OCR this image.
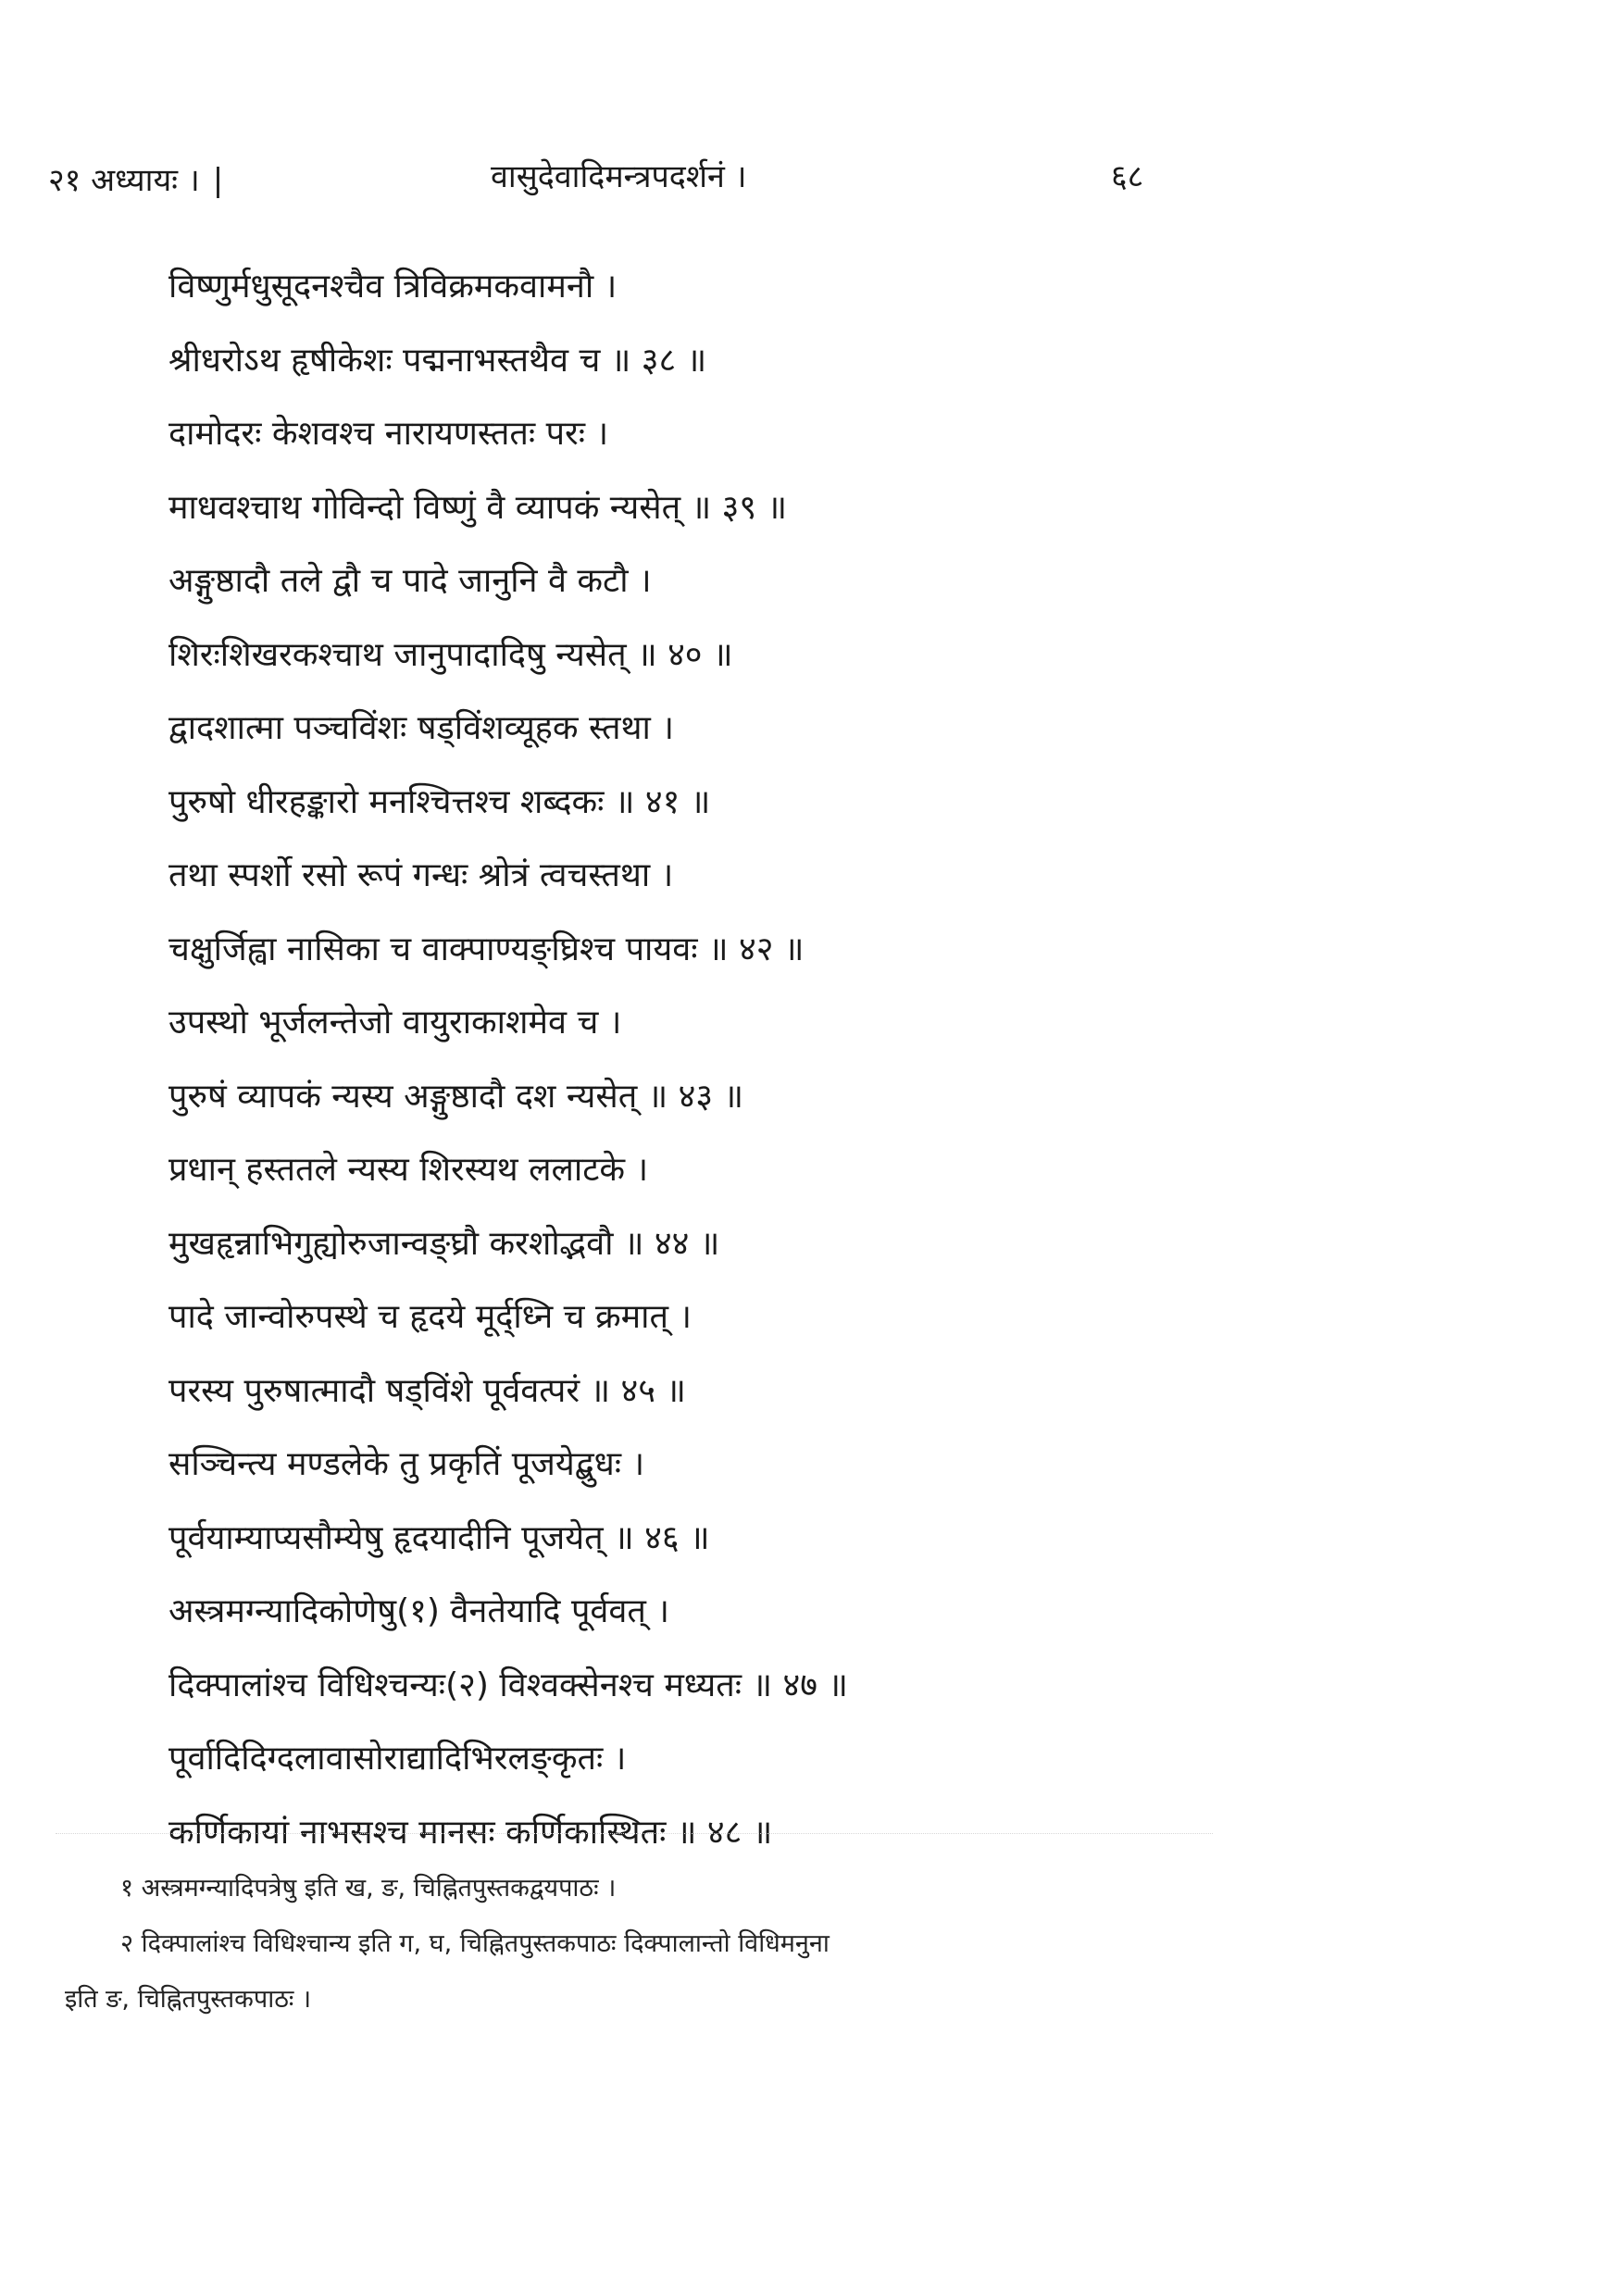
२१ अध्यायः । |	वासुदेवादिमन्त्रपदर्शनं ।	६८
विष्णुर्मधुसूदनश्चैव त्रिविक्रमकवामनौ ।
श्रीधरोऽथ हृषीकेशः पद्मनाभस्तथैव च ॥ ३८ ॥
दामोदरः केशवश्च नारायणस्ततः परः ।
माधवश्चाथ गोविन्दो विष्णुं वै व्यापकं न्यसेत् ॥ ३९ ॥
अङ्गुष्ठादौ तले द्वौ च पादे जानुनि वै कटौ ।
शिरःशिखरकश्चाथ जानुपादादिषु न्यसेत् ॥ ४० ॥
द्वादशात्मा पञ्चविंशः षड्विंशव्यूहक स्तथा ।
पुरुषो धीरहङ्कारो मनश्चित्तश्च शब्दकः ॥ ४१ ॥
तथा स्पर्शो रसो रूपं गन्धः श्रोत्रं त्वचस्तथा ।
चक्षुर्जिह्वा नासिका च वाक्पाण्यङ्घ्रिश्च पायवः ॥ ४२ ॥
उपस्थो भूर्जलन्तेजो वायुराकाशमेव च ।
पुरुषं व्यापकं न्यस्य अङ्गुष्ठादौ दश न्यसेत् ॥ ४३ ॥
प्रधान् हस्ततले न्यस्य शिरस्यथ ललाटके ।
मुखहृन्नाभिगुह्योरुजान्वङ्घ्रौ करशोद्भवौ ॥ ४४ ॥
पादे जान्वोरुपस्थे च हृदये मूर्द्ध्नि च क्रमात् ।
परस्य पुरुषात्मादौ षड्विंशे पूर्ववत्परं ॥ ४५ ॥
सञ्चिन्त्य मण्डलेके तु प्रकृतिं पूजयेद्बुधः ।
पूर्वयाम्याप्यसौम्येषु हृदयादीनि पूजयेत् ॥ ४६ ॥
अस्त्रमग्न्यादिकोणेषु(१) वैनतेयादि पूर्ववत् ।
दिक्पालांश्च विधिश्चन्यः(२) विश्वक्सेनश्च मध्यतः ॥ ४७ ॥
पूर्वादिदिग्दलावासोराद्यादिभिरलङ्कृतः ।
कर्णिकायां नाभसश्च मानसः कर्णिकास्थितः ॥ ४८ ॥
१ अस्त्रमग्न्यादिपत्रेषु इति ख, ङ, चिह्नितपुस्तकद्वयपाठः ।
२ दिक्पालांश्च विधिश्चान्य इति ग, घ, चिह्नितपुस्तकपाठः दिक्पालान्तो विधिमनुना
इति ङ, चिह्नितपुस्तकपाठः ।
